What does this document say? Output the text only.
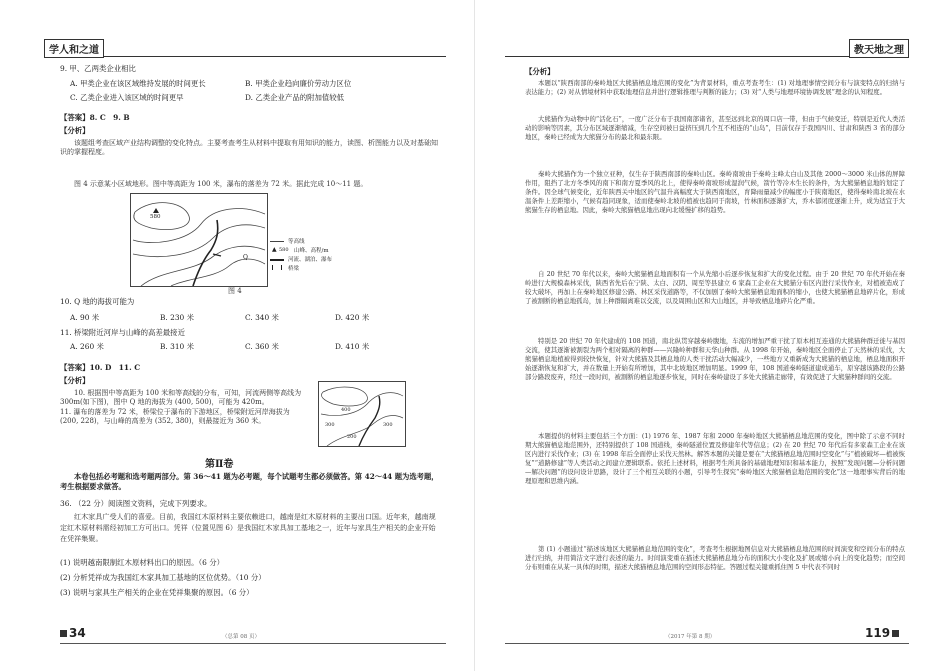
学人和之道
9. 甲、乙两类企业相比
A. 甲类企业在该区域维持发展的时间更长	B. 甲类企业趋向廉价劳动力区位
C. 乙类企业进入该区域的时间更早	D. 乙类企业产品的附加值较低
【答案】8. C　9. B
【分析】
该题组考查区域产业结构调整的变化特点。主要考查考生从材料中提取有用知识的能力，读图、析图能力以及对基础知识的掌握程度。
图 4 示意某小区域地形。图中等高距为 100 米，瀑布的落差为 72 米。据此完成 10～11 题。
580
Q
等高线
▲ 580 山峰、高程/m
河流、湖泊、瀑布
桥梁
图 4
10. Q 地的海拔可能为
A. 90 米	B. 230 米	C. 340 米	D. 420 米
11. 桥梁附近河岸与山峰的高差最接近
A. 260 米	B. 310 米	C. 360 米	D. 410 米
【答案】10. D　11. C
【分析】
10. 根据图中等高距为 100 米和等高线的分布，可知，河流两侧等高线为 300m(如下图)，图中 Q 地的海拔为 (400, 500)，可能为 420m。
11. 瀑布的落差为 72 米，桥梁位于瀑布的下游地区，桥梁附近河岸海拔为 (200, 228)，与山峰的高差为 (352, 380)，则最接近为 360 米。
400
300
200
300
第Ⅱ卷
本卷包括必考题和选考题两部分。第 36～41 题为必考题，每个试题考生都必须做答。第 42～44 题为选考题，考生根据要求做答。
36. （22 分）阅读图文资料，完成下列要求。
红木家具广受人们的喜爱。目前，我国红木原材料主要依赖进口，越南是红木原材料的主要出口国。近年来，越南规定红木原材料需经初加工方可出口。凭祥（位置见图 6）是我国红木家具加工基地之一，近年与家具生产相关的企业开始在凭祥集聚。
(1) 说明越南限制红木原材料出口的原因。（6 分）
(2) 分析凭祥成为我国红木家具加工基地的区位优势。（10 分）
(3) 说明与家具生产相关的企业在凭祥集聚的原因。（6 分）
34	（总第 08 页）
教天地之理
【分析】
本题以“陕西南部的秦岭地区大熊猫栖息地范围的变化”为背景材料，重点考查考生：(1) 对地理事情空间分布与演变特点的归纳与表达能力；(2) 对从情境材料中获取地理信息并进行逻辑推理与判断的能力；(3) 对“人类与地理环境协调发展”理念的认知程度。
大熊猫作为动物中的“活化石”，一度广泛分布于我国南部诸省，甚至远到北京的周口店一带，但由于气候变迁，特别是近代人类活动的影响等因素，其分布区域逐渐缩减，生存空间被日益挤压到几个互不相连的“山岛”，目前仅存于我国四川、甘肃和陕西 3 省的部分地区，秦岭已经成为大熊猫分布的最北和最东限。
秦岭大熊猫作为一个独立亚种，仅生存于陕西南部的秦岭山区。秦岭南坡由于秦岭主峰太白山及其他 2000～3000 米山体的屏障作用，阻挡了北方冬季风的南下和南方夏季风的北上，使得秦岭南坡形成湿润气候，箭竹等冷木生长的条件，为大熊猫栖息地的划定了条件。因全球气候变化，近年陕西关中地区的气温升高幅度大于陕西南地区，育降雨量减少的幅度小于陕南地区，使得秦岭南北坡在水温条件上差距缩小，气候有趋同现象，适而使秦岭北坡的植被也趋同于南坡，竹林面积逐渐扩大，乔木郁闭度逐渐上升，成为适宜于大熊猫生存的栖息地。因此，秦岭大熊猫栖息地出现向北缓慢扩移的趋势。
自 20 世纪 70 年代以来，秦岭大熊猫栖息地面积有一个从先缩小后逐步恢复和扩大的变化过程。由于 20 世纪 70 年代开始在秦岭进行大规模森林采伐，陕西省先后在宁陕、太白、汉阴、周至等县建立 6 家森工企业在大熊猫分布区内进行采伐作业，对植被造成了较大破坏，再加上在秦岭地区修建公路、林区采伐道路等，不仅加剧了秦岭大熊猫栖息地面积的缩小，也使大熊猫栖息地碎片化，形成了被割断的栖息地孤岛，加上种群隔离难以交流，以及周围山区和大山地区，并导致栖息地碎片化严重。
特别是 20 世纪 70 年代建成的 108 国道，南北纵贯穿越秦岭腹地，车流的增加严重干扰了原本相互连通的大熊猫种群迁徙与基因交流，使其逐渐被割裂为两个相对隔离的种群——兴隆岭种群和天华山种群。从 1998 年开始，秦岭地区全面停止了天然林的采伐，大熊猫栖息地植被得到较快恢复，针对大熊猫及其栖息地的人类干扰活动大幅减少，一些地方又重新成为大熊猫的栖息地，栖息地面积开始逐渐恢复和扩大，并在数量上开始有所增加，其中北坡地区增加明显。1999 年，108 国道秦岭隧道建成通车，原穿越该路段的公路部分路段废弃，经过一段时间，被割断的栖息地逐步恢复，同时在秦岭建设了多处大熊猫走廊带，有效促进了大熊猫种群间的交流。
本题提供的材料主要包括三个方面：(1) 1976 年、1987 年和 2000 年秦岭地区大熊猫栖息地范围的变化，图中除了示意不同时期大熊猫栖息地范围外，还特别提供了 108 国道线，秦岭隧道位置及修建年代等信息；(2) 在 20 世纪 70 年代后有多家森工企业在该区内进行采伐作业；(3) 在 1998 年后全面停止采伐天然林。解答本题的关键是要在“大熊猫栖息地范围时空变化”与“植被破坏—植被恢复”“道路修建”等人类活动之间建立逻辑联系。依托上述材料，根据考生所具备的基础地理知识和基本能力，按照“发现问题—分析问题—解决问题”的设问设计思路，设计了三个相互关联的小题，引导考生探究“秦岭地区大熊猫栖息地范围的变化”这一地理事实背后的地理原理和思维内涵。
第 (1) 小题通过“描述该地区大熊猫栖息地范围的变化”，考查考生根据地图信息对大熊猫栖息地范围的时间演变和空间分布的特点进行归纳，并用简洁文字进行表述的能力。时间演变重在描述大熊猫栖息地分布的面积大小变化及扩展或缩小向上的变化趋势；而空间分布则重在从某一具体的时期，描述大熊猫栖息地范围的空间形态特征。答题过程关键重抓住图 5 中代表不同时
（2017 年第 8 期）	119
